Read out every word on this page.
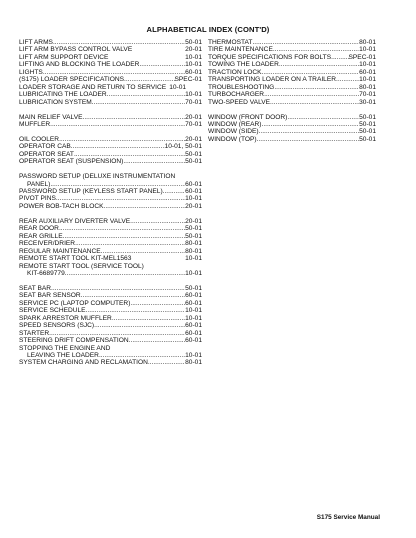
ALPHABETICAL INDEX (CONT'D)
LIFT ARMS .....	50-01
LIFT ARM BYPASS CONTROL VALVE	20-01
LIFT ARM SUPPORT DEVICE	10-01
LIFTING AND BLOCKING THE LOADER .....	10-01
LIGHTS .....	60-01
(S175) LOADER SPECIFICATIONS .....	SPEC-01
LOADER STORAGE AND RETURN TO SERVICE 10-01
LUBRICATING THE LOADER .....	10-01
LUBRICATION SYSTEM .....	70-01
MAIN RELIEF VALVE .....	20-01
MUFFLER .....	70-01
OIL COOLER .....	20-01
OPERATOR CAB .....	10-01, 50-01
OPERATOR SEAT .....	50-01
OPERATOR SEAT (SUSPENSION) .....	50-01
PASSWORD SETUP (DELUXE INSTRUMENTATION
PANEL) .....	60-01
PASSWORD SETUP (KEYLESS START PANEL) .....	60-01
PIVOT PINS .....	10-01
POWER BOB-TACH BLOCK .....	20-01
REAR AUXILIARY DIVERTER VALVE .....	20-01
REAR DOOR .....	50-01
REAR GRILLE .....	50-01
RECEIVER/DRIER .....	80-01
REGULAR MAINTENANCE .....	80-01
REMOTE START TOOL KIT-MEL1563	10-01
REMOTE START TOOL (SERVICE TOOL)
KIT-6689779 .....	10-01
SEAT BAR .....	50-01
SEAT BAR SENSOR .....	60-01
SERVICE PC (LAPTOP COMPUTER) .....	60-01
SERVICE SCHEDULE .....	10-01
SPARK ARRESTOR MUFFLER .....	10-01
SPEED SENSORS (SJC) .....	60-01
STARTER .....	60-01
STEERING DRIFT COMPENSATION .....	60-01
STOPPING THE ENGINE AND
LEAVING THE LOADER .....	10-01
SYSTEM CHARGING AND RECLAMATION .....	80-01
THERMOSTAT .....	80-01
TIRE MAINTENANCE .....	10-01
TORQUE SPECIFICATIONS FOR BOLTS .....	SPEC-01
TOWING THE LOADER .....	10-01
TRACTION LOCK .....	60-01
TRANSPORTING LOADER ON A TRAILER .....	10-01
TROUBLESHOOTING .....	80-01
TURBOCHARGER .....	70-01
TWO-SPEED VALVE .....	30-01
WINDOW (FRONT DOOR) .....	50-01
WINDOW (REAR) .....	50-01
WINDOW (SIDE) .....	50-01
WINDOW (TOP) .....	50-01
S175 Service Manual
